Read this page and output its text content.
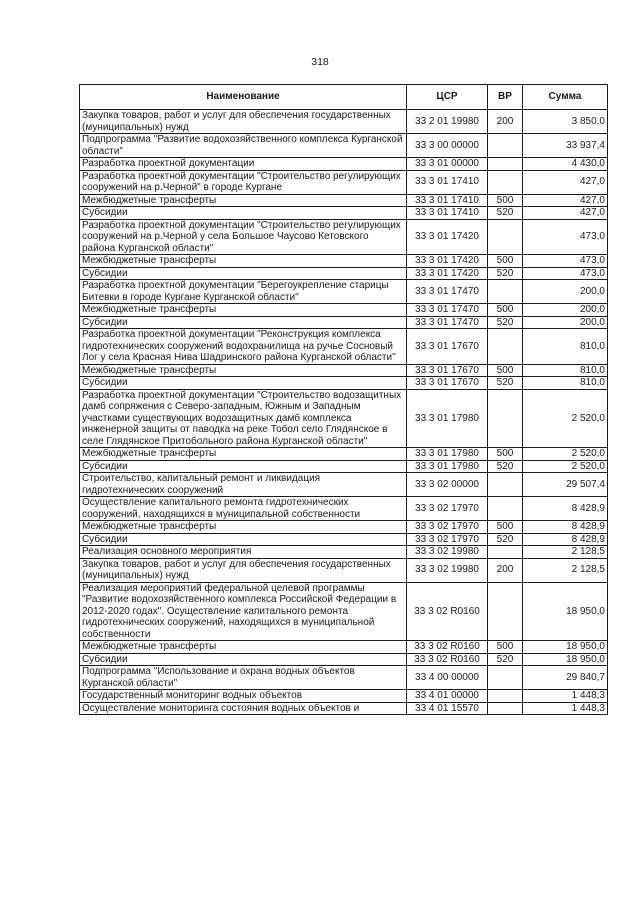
318
Наименование	ЦСР	ВР	Сумма
Закупка товаров, работ и услуг для обеспечения государственных (муниципальных) нужд	33 2 01 19980	200	3 850,0
Подпрограмма "Развитие водохозяйственного комплекса Курганской области"	33 3 00 00000		33 937,4
Разработка проектной документации	33 3 01 00000		4 430,0
Разработка проектной документации "Строительство регулирующих сооружений на р.Черной" в городе Кургане	33 3 01 17410		427,0
Межбюджетные трансферты	33 3 01 17410	500	427,0
Субсидии	33 3 01 17410	520	427,0
Разработка проектной документации "Строительство регулирующих сооружений на р.Черной у села Большое Чаусово Кетовского района Курганской области"	33 3 01 17420		473,0
Межбюджетные трансферты	33 3 01 17420	500	473,0
Субсидии	33 3 01 17420	520	473,0
Разработка проектной документации "Берегоукрепление старицы Битевки в городе Кургане Курганской области"	33 3 01 17470		200,0
Межбюджетные трансферты	33 3 01 17470	500	200,0
Субсидии	33 3 01 17470	520	200,0
Разработка проектной документации "Реконструкция комплекса гидротехнических сооружений водохранилища на ручье Сосновый Лог у села Красная Нива Шадринского района Курганской области"	33 3 01 17670		810,0
Межбюджетные трансферты	33 3 01 17670	500	810,0
Субсидии	33 3 01 17670	520	810,0
Разработка проектной документации "Строительство водозащитных дамб сопряжения с Северо-западным, Южным и Западным участками существующих водозащитных дамб комплекса инженерной защиты от паводка на реке Тобол село Глядянское в селе Глядянское Притобольного района Курганской области"	33 3 01 17980		2 520,0
Межбюджетные трансферты	33 3 01 17980	500	2 520,0
Субсидии	33 3 01 17980	520	2 520,0
Строительство, капитальный ремонт и ликвидация гидротехнических сооружений	33 3 02 00000		29 507,4
Осуществление капитального ремонта гидротехнических сооружений, находящихся в муниципальной собственности	33 3 02 17970		8 428,9
Межбюджетные трансферты	33 3 02 17970	500	8 428,9
Субсидии	33 3 02 17970	520	8 428,9
Реализация основного мероприятия	33 3 02 19980		2 128,5
Закупка товаров, работ и услуг для обеспечения государственных (муниципальных) нужд	33 3 02 19980	200	2 128,5
Реализация мероприятий федеральной целевой программы "Развитие водохозяйственного комплекса Российской Федерации в 2012-2020 годах". Осуществление капитального ремонта гидротехнических сооружений, находящихся в муниципальной собственности	33 3 02 R0160		18 950,0
Межбюджетные трансферты	33 3 02 R0160	500	18 950,0
Субсидии	33 3 02 R0160	520	18 950,0
Подпрограмма "Использование и охрана водных объектов Курганской области"	33 4 00 00000		29 840,7
Государственный мониторинг водных объектов	33 4 01 00000		1 448,3
Осуществление мониторинга состояния водных объектов и	33 4 01 15570		1 448,3
